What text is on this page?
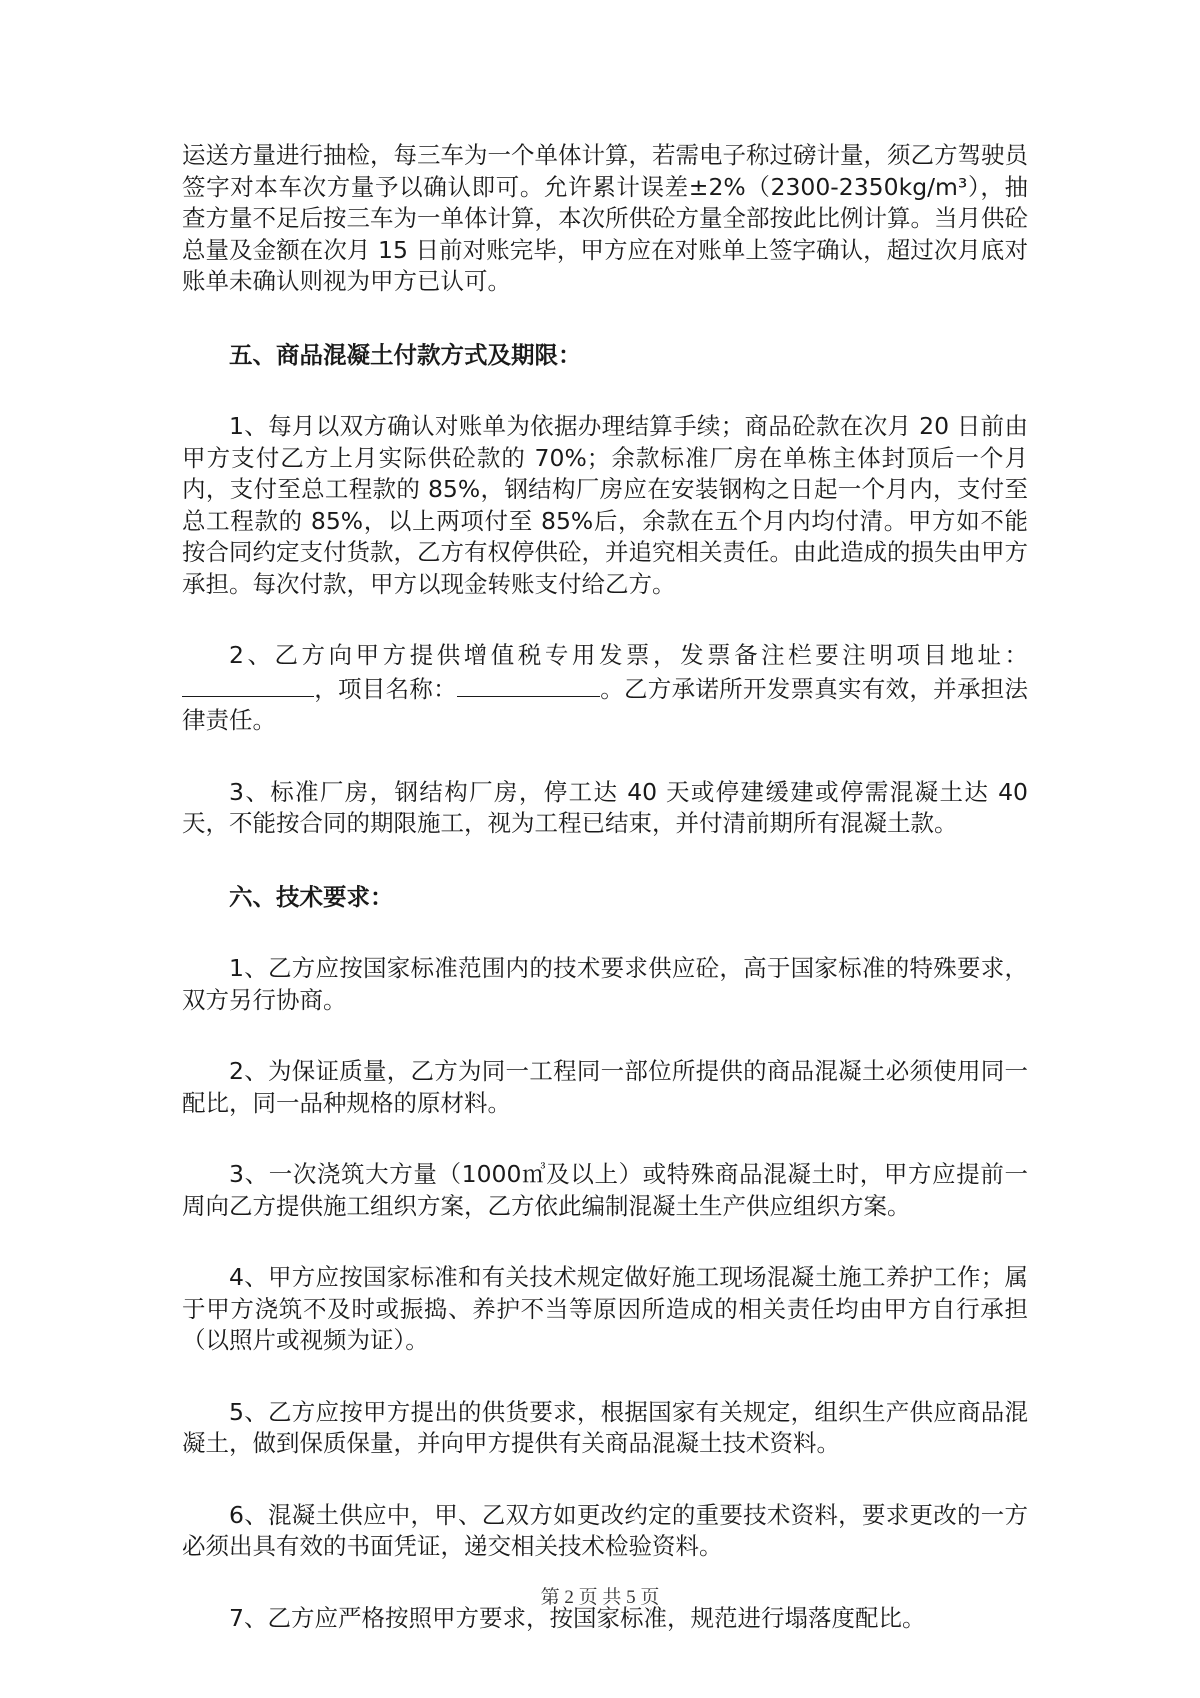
运送方量进行抽检，每三车为一个单体计算，若需电子称过磅计量，须乙方驾驶员签字对本车次方量予以确认即可。允许累计误差±2%（2300-2350kg/m³），抽查方量不足后按三车为一单体计算，本次所供砼方量全部按此比例计算。当月供砼总量及金额在次月 15 日前对账完毕，甲方应在对账单上签字确认，超过次月底对账单未确认则视为甲方已认可。

五、商品混凝土付款方式及期限：

1、每月以双方确认对账单为依据办理结算手续；商品砼款在次月 20 日前由甲方支付乙方上月实际供砼款的 70%；余款标准厂房在单栋主体封顶后一个月内，支付至总工程款的 85%，钢结构厂房应在安装钢构之日起一个月内，支付至总工程款的 85%，以上两项付至 85%后，余款在五个月内均付清。甲方如不能按合同约定支付货款，乙方有权停供砼，并追究相关责任。由此造成的损失由甲方承担。每次付款，甲方以现金转账支付给乙方。

2、乙方向甲方提供增值税专用发票，发票备注栏要注明项目地址：，项目名称：	。乙方承诺所开发票真实有效，并承担法律责任。

3、标准厂房，钢结构厂房，停工达 40 天或停建缓建或停需混凝土达 40 天，不能按合同的期限施工，视为工程已结束，并付清前期所有混凝土款。

六、技术要求：

1、乙方应按国家标准范围内的技术要求供应砼，高于国家标准的特殊要求，双方另行协商。

2、为保证质量，乙方为同一工程同一部位所提供的商品混凝土必须使用同一配比，同一品种规格的原材料。

3、一次浇筑大方量（1000㎥及以上）或特殊商品混凝土时，甲方应提前一周向乙方提供施工组织方案，乙方依此编制混凝土生产供应组织方案。

4、甲方应按国家标准和有关技术规定做好施工现场混凝土施工养护工作；属于甲方浇筑不及时或振捣、养护不当等原因所造成的相关责任均由甲方自行承担（以照片或视频为证）。

5、乙方应按甲方提出的供货要求，根据国家有关规定，组织生产供应商品混凝土，做到保质保量，并向甲方提供有关商品混凝土技术资料。

6、混凝土供应中，甲、乙双方如更改约定的重要技术资料，要求更改的一方必须出具有效的书面凭证，递交相关技术检验资料。

7、乙方应严格按照甲方要求，按国家标准，规范进行塌落度配比。

第 2 页 共 5 页
